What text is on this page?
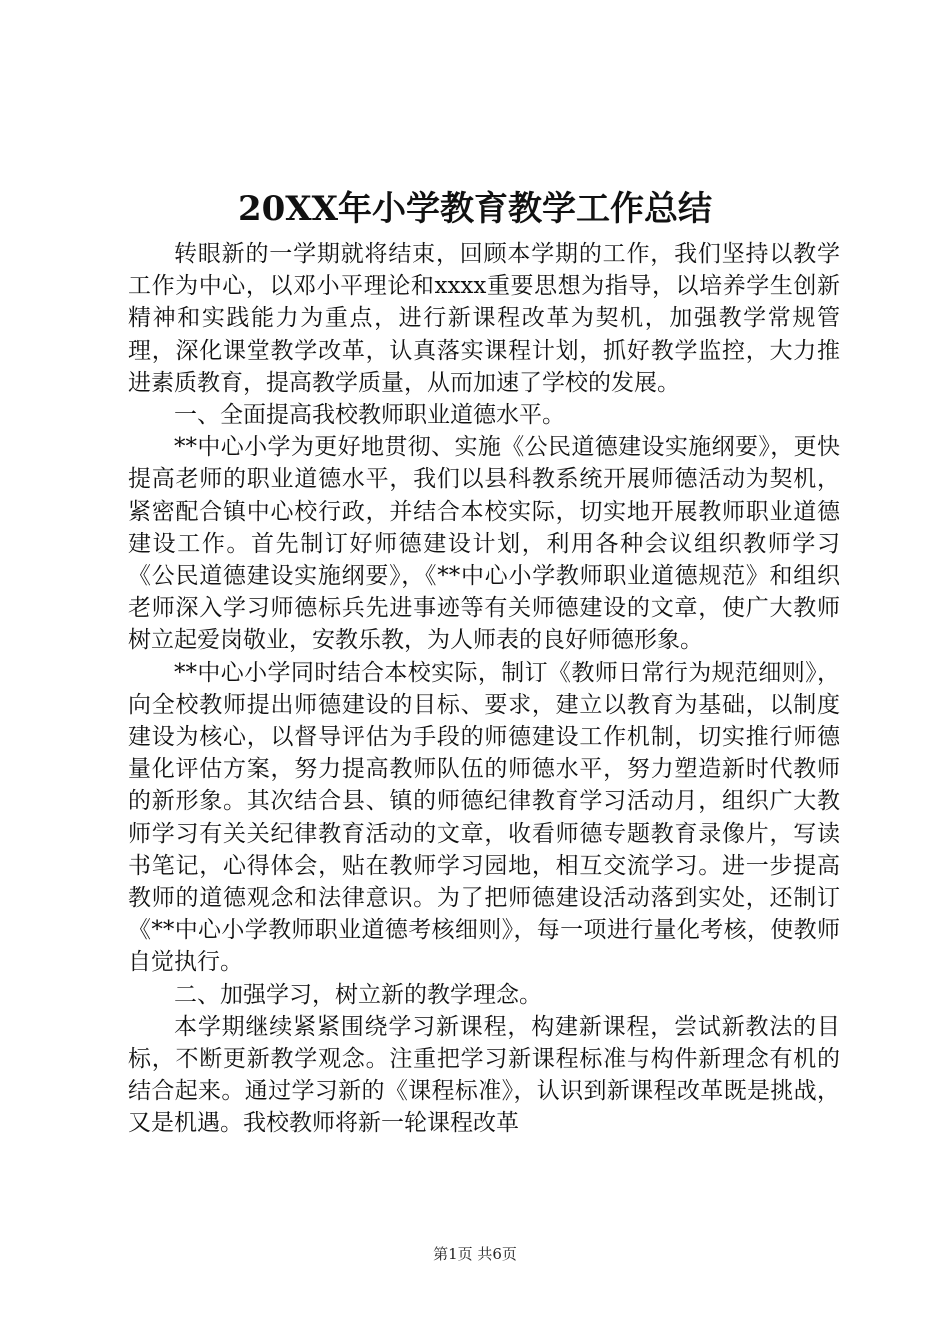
20XX年小学教育教学工作总结

转眼新的一学期就将结束，回顾本学期的工作，我们坚持以教学工作为中心，以邓小平理论和xxxx重要思想为指导，以培养学生创新精神和实践能力为重点，进行新课程改革为契机，加强教学常规管理，深化课堂教学改革，认真落实课程计划，抓好教学监控，大力推进素质教育，提高教学质量，从而加速了学校的发展。

一、全面提高我校教师职业道德水平。

**中心小学为更好地贯彻、实施《公民道德建设实施纲要》，更快提高老师的职业道德水平，我们以县科教系统开展师德活动为契机，紧密配合镇中心校行政，并结合本校实际，切实地开展教师职业道德建设工作。首先制订好师德建设计划，利用各种会议组织教师学习《公民道德建设实施纲要》，《**中心小学教师职业道德规范》和组织老师深入学习师德标兵先进事迹等有关师德建设的文章，使广大教师树立起爱岗敬业，安教乐教，为人师表的良好师德形象。

**中心小学同时结合本校实际，制订《教师日常行为规范细则》，向全校教师提出师德建设的目标、要求，建立以教育为基础，以制度建设为核心，以督导评估为手段的师德建设工作机制，切实推行师德量化评估方案，努力提高教师队伍的师德水平，努力塑造新时代教师的新形象。其次结合县、镇的师德纪律教育学习活动月，组织广大教师学习有关关纪律教育活动的文章，收看师德专题教育录像片，写读书笔记，心得体会，贴在教师学习园地，相互交流学习。进一步提高教师的道德观念和法律意识。为了把师德建设活动落到实处，还制订《**中心小学教师职业道德考核细则》，每一项进行量化考核，使教师自觉执行。

二、加强学习，树立新的教学理念。

本学期继续紧紧围绕学习新课程，构建新课程，尝试新教法的目标，不断更新教学观念。注重把学习新课程标准与构件新理念有机的结合起来。通过学习新的《课程标准》，认识到新课程改革既是挑战，又是机遇。我校教师将新一轮课程改革

第1页 共6页
